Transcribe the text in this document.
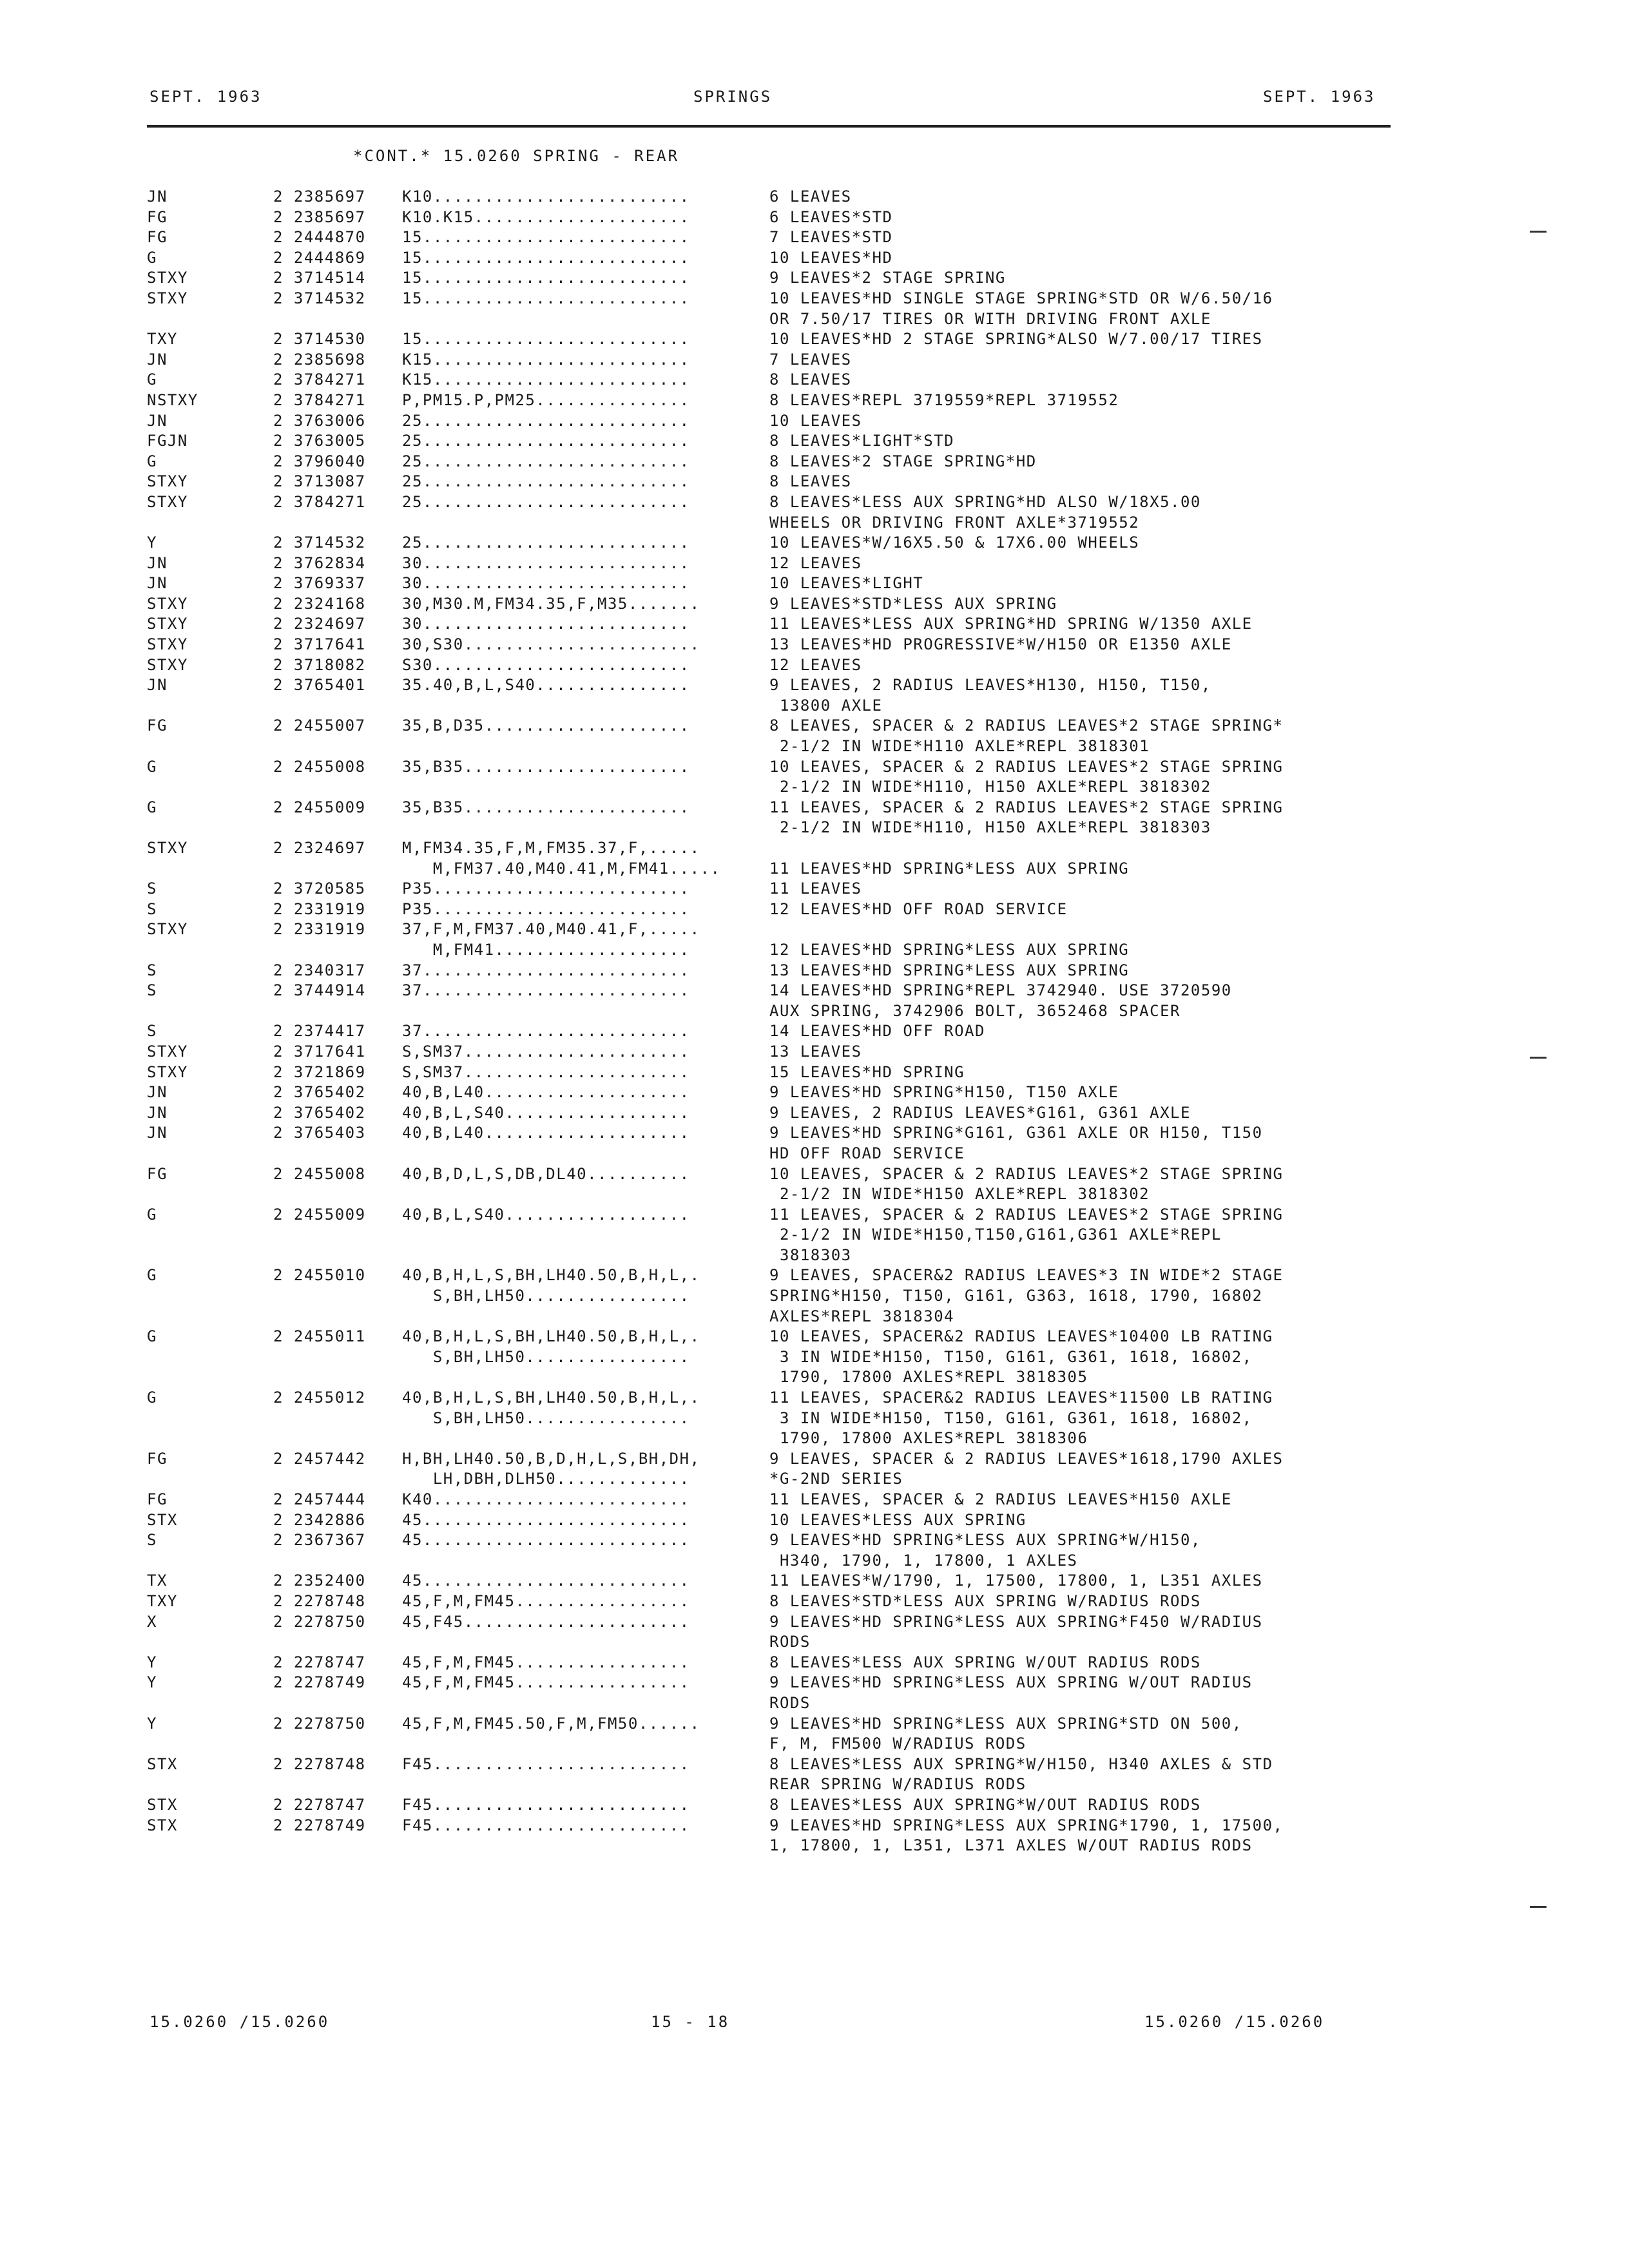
SEPT. 1963	SPRINGS	SEPT. 1963
*CONT.* 15.0260 SPRING - REAR
JN	2 2385697	K10.........................	6 LEAVES
FG	2 2385697	K10.K15.....................	6 LEAVES*STD
FG	2 2444870	15..........................	7 LEAVES*STD
G	2 2444869	15..........................	10 LEAVES*HD
STXY	2 3714514	15..........................	9 LEAVES*2 STAGE SPRING
STXY	2 3714532	15..........................	10 LEAVES*HD SINGLE STAGE SPRING*STD OR W/6.50/16
OR 7.50/17 TIRES OR WITH DRIVING FRONT AXLE
TXY	2 3714530	15..........................	10 LEAVES*HD 2 STAGE SPRING*ALSO W/7.00/17 TIRES
JN	2 2385698	K15.........................	7 LEAVES
G	2 3784271	K15.........................	8 LEAVES
NSTXY	2 3784271	P,PM15.P,PM25...............	8 LEAVES*REPL 3719559*REPL 3719552
JN	2 3763006	25..........................	10 LEAVES
FGJN	2 3763005	25..........................	8 LEAVES*LIGHT*STD
G	2 3796040	25..........................	8 LEAVES*2 STAGE SPRING*HD
STXY	2 3713087	25..........................	8 LEAVES
STXY	2 3784271	25..........................	8 LEAVES*LESS AUX SPRING*HD ALSO W/18X5.00
WHEELS OR DRIVING FRONT AXLE*3719552
Y	2 3714532	25..........................	10 LEAVES*W/16X5.50 & 17X6.00 WHEELS
JN	2 3762834	30..........................	12 LEAVES
JN	2 3769337	30..........................	10 LEAVES*LIGHT
STXY	2 2324168	30,M30.M,FM34.35,F,M35.......	9 LEAVES*STD*LESS AUX SPRING
STXY	2 2324697	30..........................	11 LEAVES*LESS AUX SPRING*HD SPRING W/1350 AXLE
STXY	2 3717641	30,S30.......................	13 LEAVES*HD PROGRESSIVE*W/H150 OR E1350 AXLE
STXY	2 3718082	S30.........................	12 LEAVES
JN	2 3765401	35.40,B,L,S40...............	9 LEAVES, 2 RADIUS LEAVES*H130, H150, T150,
13800 AXLE
FG	2 2455007	35,B,D35....................	8 LEAVES, SPACER & 2 RADIUS LEAVES*2 STAGE SPRING*
2-1/2 IN WIDE*H110 AXLE*REPL 3818301
G	2 2455008	35,B35......................	10 LEAVES, SPACER & 2 RADIUS LEAVES*2 STAGE SPRING
2-1/2 IN WIDE*H110, H150 AXLE*REPL 3818302
G	2 2455009	35,B35......................	11 LEAVES, SPACER & 2 RADIUS LEAVES*2 STAGE SPRING
2-1/2 IN WIDE*H110, H150 AXLE*REPL 3818303
STXY	2 2324697	M,FM34.35,F,M,FM35.37,F,.....
M,FM37.40,M40.41,M,FM41.....	
11 LEAVES*HD SPRING*LESS AUX SPRING
S	2 3720585	P35.........................	11 LEAVES
S	2 2331919	P35.........................	12 LEAVES*HD OFF ROAD SERVICE
STXY	2 2331919	37,F,M,FM37.40,M40.41,F,.....
M,FM41...................	
12 LEAVES*HD SPRING*LESS AUX SPRING
S	2 2340317	37..........................	13 LEAVES*HD SPRING*LESS AUX SPRING
S	2 3744914	37..........................	14 LEAVES*HD SPRING*REPL 3742940. USE 3720590
AUX SPRING, 3742906 BOLT, 3652468 SPACER
S	2 2374417	37..........................	14 LEAVES*HD OFF ROAD
STXY	2 3717641	S,SM37......................	13 LEAVES
STXY	2 3721869	S,SM37......................	15 LEAVES*HD SPRING
JN	2 3765402	40,B,L40....................	9 LEAVES*HD SPRING*H150, T150 AXLE
JN	2 3765402	40,B,L,S40..................	9 LEAVES, 2 RADIUS LEAVES*G161, G361 AXLE
JN	2 3765403	40,B,L40....................	9 LEAVES*HD SPRING*G161, G361 AXLE OR H150, T150
HD OFF ROAD SERVICE
FG	2 2455008	40,B,D,L,S,DB,DL40..........	10 LEAVES, SPACER & 2 RADIUS LEAVES*2 STAGE SPRING
2-1/2 IN WIDE*H150 AXLE*REPL 3818302
G	2 2455009	40,B,L,S40..................	11 LEAVES, SPACER & 2 RADIUS LEAVES*2 STAGE SPRING
2-1/2 IN WIDE*H150,T150,G161,G361 AXLE*REPL
3818303
G	2 2455010	40,B,H,L,S,BH,LH40.50,B,H,L,.
S,BH,LH50................
9 LEAVES, SPACER&2 RADIUS LEAVES*3 IN WIDE*2 STAGE
SPRING*H150, T150, G161, G363, 1618, 1790, 16802
AXLES*REPL 3818304
G	2 2455011	40,B,H,L,S,BH,LH40.50,B,H,L,.
S,BH,LH50................
10 LEAVES, SPACER&2 RADIUS LEAVES*10400 LB RATING
3 IN WIDE*H150, T150, G161, G361, 1618, 16802,
1790, 17800 AXLES*REPL 3818305
G	2 2455012	40,B,H,L,S,BH,LH40.50,B,H,L,.
S,BH,LH50................
11 LEAVES, SPACER&2 RADIUS LEAVES*11500 LB RATING
3 IN WIDE*H150, T150, G161, G361, 1618, 16802,
1790, 17800 AXLES*REPL 3818306
FG	2 2457442	H,BH,LH40.50,B,D,H,L,S,BH,DH,
LH,DBH,DLH50.............
9 LEAVES, SPACER & 2 RADIUS LEAVES*1618,1790 AXLES
*G-2ND SERIES
FG	2 2457444	K40.........................	11 LEAVES, SPACER & 2 RADIUS LEAVES*H150 AXLE
STX	2 2342886	45..........................	10 LEAVES*LESS AUX SPRING
S	2 2367367	45..........................	9 LEAVES*HD SPRING*LESS AUX SPRING*W/H150,
H340, 1790, 1, 17800, 1 AXLES
TX	2 2352400	45..........................	11 LEAVES*W/1790, 1, 17500, 17800, 1, L351 AXLES
TXY	2 2278748	45,F,M,FM45.................	8 LEAVES*STD*LESS AUX SPRING W/RADIUS RODS
X	2 2278750	45,F45......................	9 LEAVES*HD SPRING*LESS AUX SPRING*F450 W/RADIUS
RODS
Y	2 2278747	45,F,M,FM45.................	8 LEAVES*LESS AUX SPRING W/OUT RADIUS RODS
Y	2 2278749	45,F,M,FM45.................	9 LEAVES*HD SPRING*LESS AUX SPRING W/OUT RADIUS
RODS
Y	2 2278750	45,F,M,FM45.50,F,M,FM50......	9 LEAVES*HD SPRING*LESS AUX SPRING*STD ON 500,
F, M, FM500 W/RADIUS RODS
STX	2 2278748	F45.........................	8 LEAVES*LESS AUX SPRING*W/H150, H340 AXLES & STD
REAR SPRING W/RADIUS RODS
STX	2 2278747	F45.........................	8 LEAVES*LESS AUX SPRING*W/OUT RADIUS RODS
STX	2 2278749	F45.........................	9 LEAVES*HD SPRING*LESS AUX SPRING*1790, 1, 17500,
1, 17800, 1, L351, L371 AXLES W/OUT RADIUS RODS
15.0260 /15.0260	15 - 18	15.0260 /15.0260
